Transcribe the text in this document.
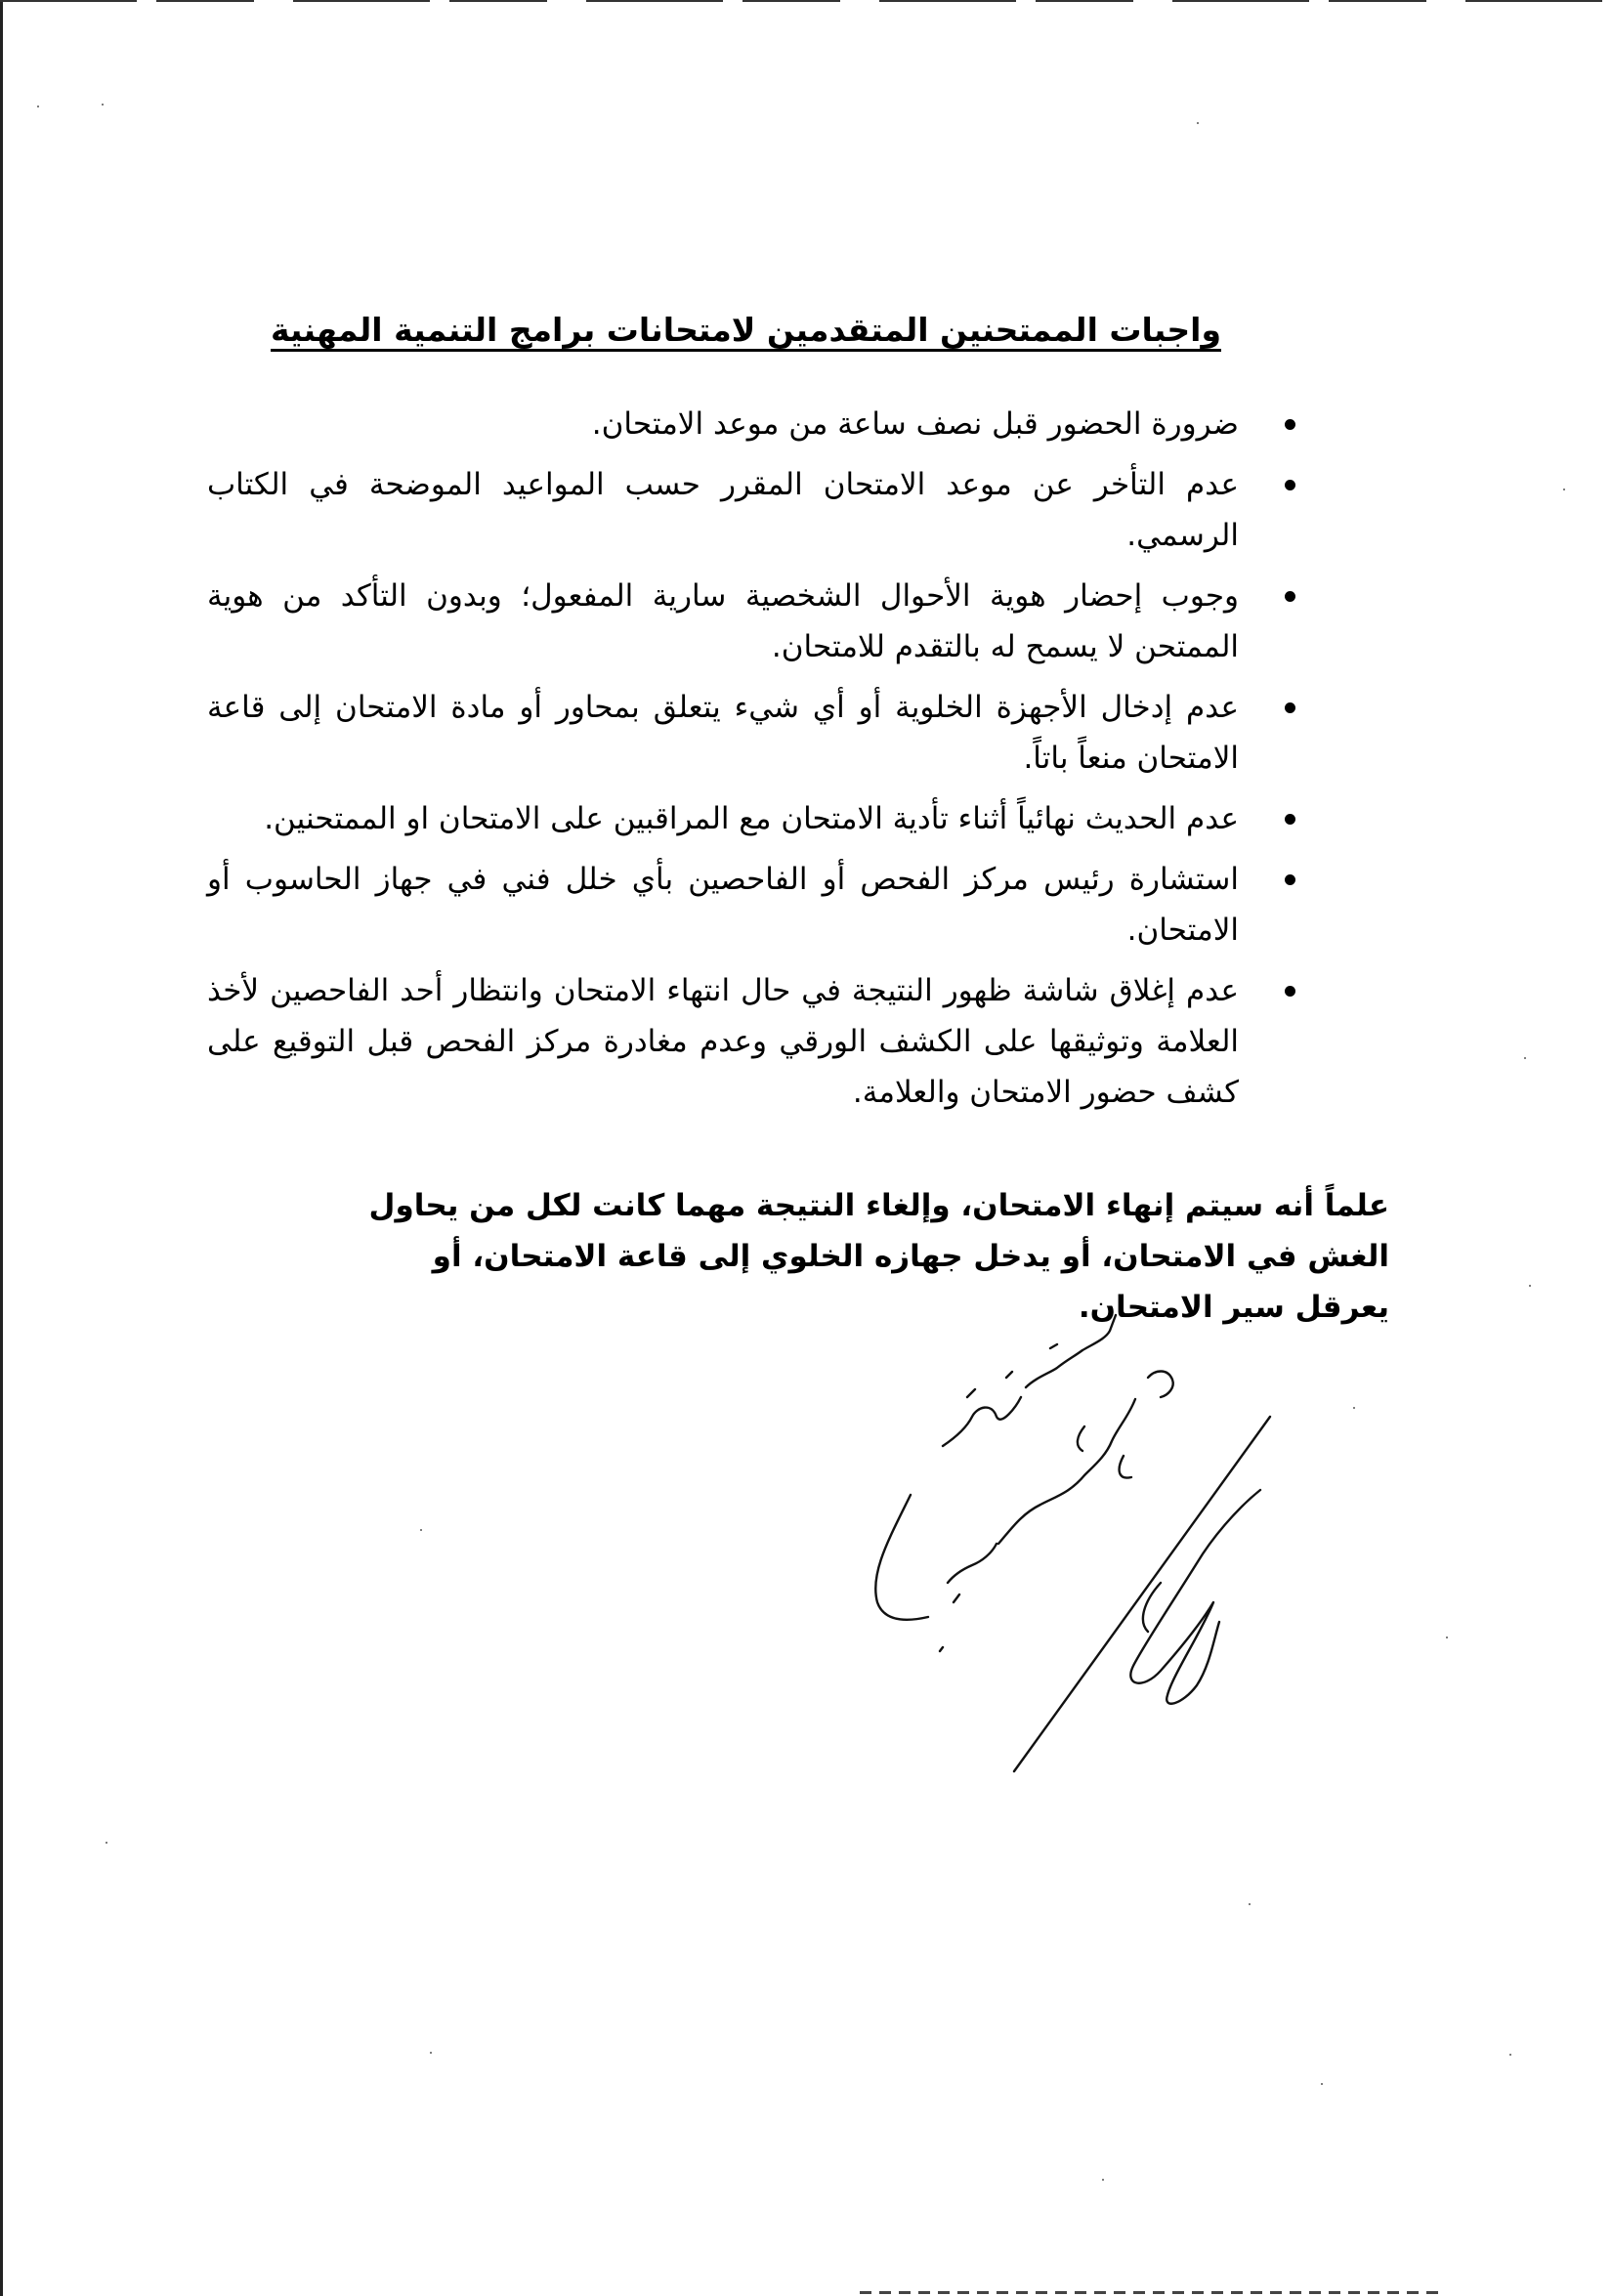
واجبات الممتحنين المتقدمين لامتحانات برامج التنمية المهنية
ضرورة الحضور قبل نصف ساعة من موعد الامتحان.
عدم التأخر عن موعد الامتحان المقرر حسب المواعيد الموضحة في الكتاب الرسمي.
وجوب إحضار هوية الأحوال الشخصية سارية المفعول؛ وبدون التأكد من هوية الممتحن لا يسمح له بالتقدم للامتحان.
عدم إدخال الأجهزة الخلوية أو أي شيء يتعلق بمحاور أو مادة الامتحان إلى قاعة الامتحان منعاً باتاً.
عدم الحديث نهائياً أثناء تأدية الامتحان مع المراقبين على الامتحان او الممتحنين.
استشارة رئيس مركز الفحص أو الفاحصين بأي خلل فني في جهاز الحاسوب أو الامتحان.
عدم إغلاق شاشة ظهور النتيجة في حال انتهاء الامتحان وانتظار أحد الفاحصين لأخذ العلامة وتوثيقها على الكشف الورقي وعدم مغادرة مركز الفحص قبل التوقيع على كشف حضور الامتحان والعلامة.
علماً أنه سيتم إنهاء الامتحان، وإلغاء النتيجة مهما كانت لكل من يحاول الغش في الامتحان، أو يدخل جهازه الخلوي إلى قاعة الامتحان، أو يعرقل سير الامتحان.
